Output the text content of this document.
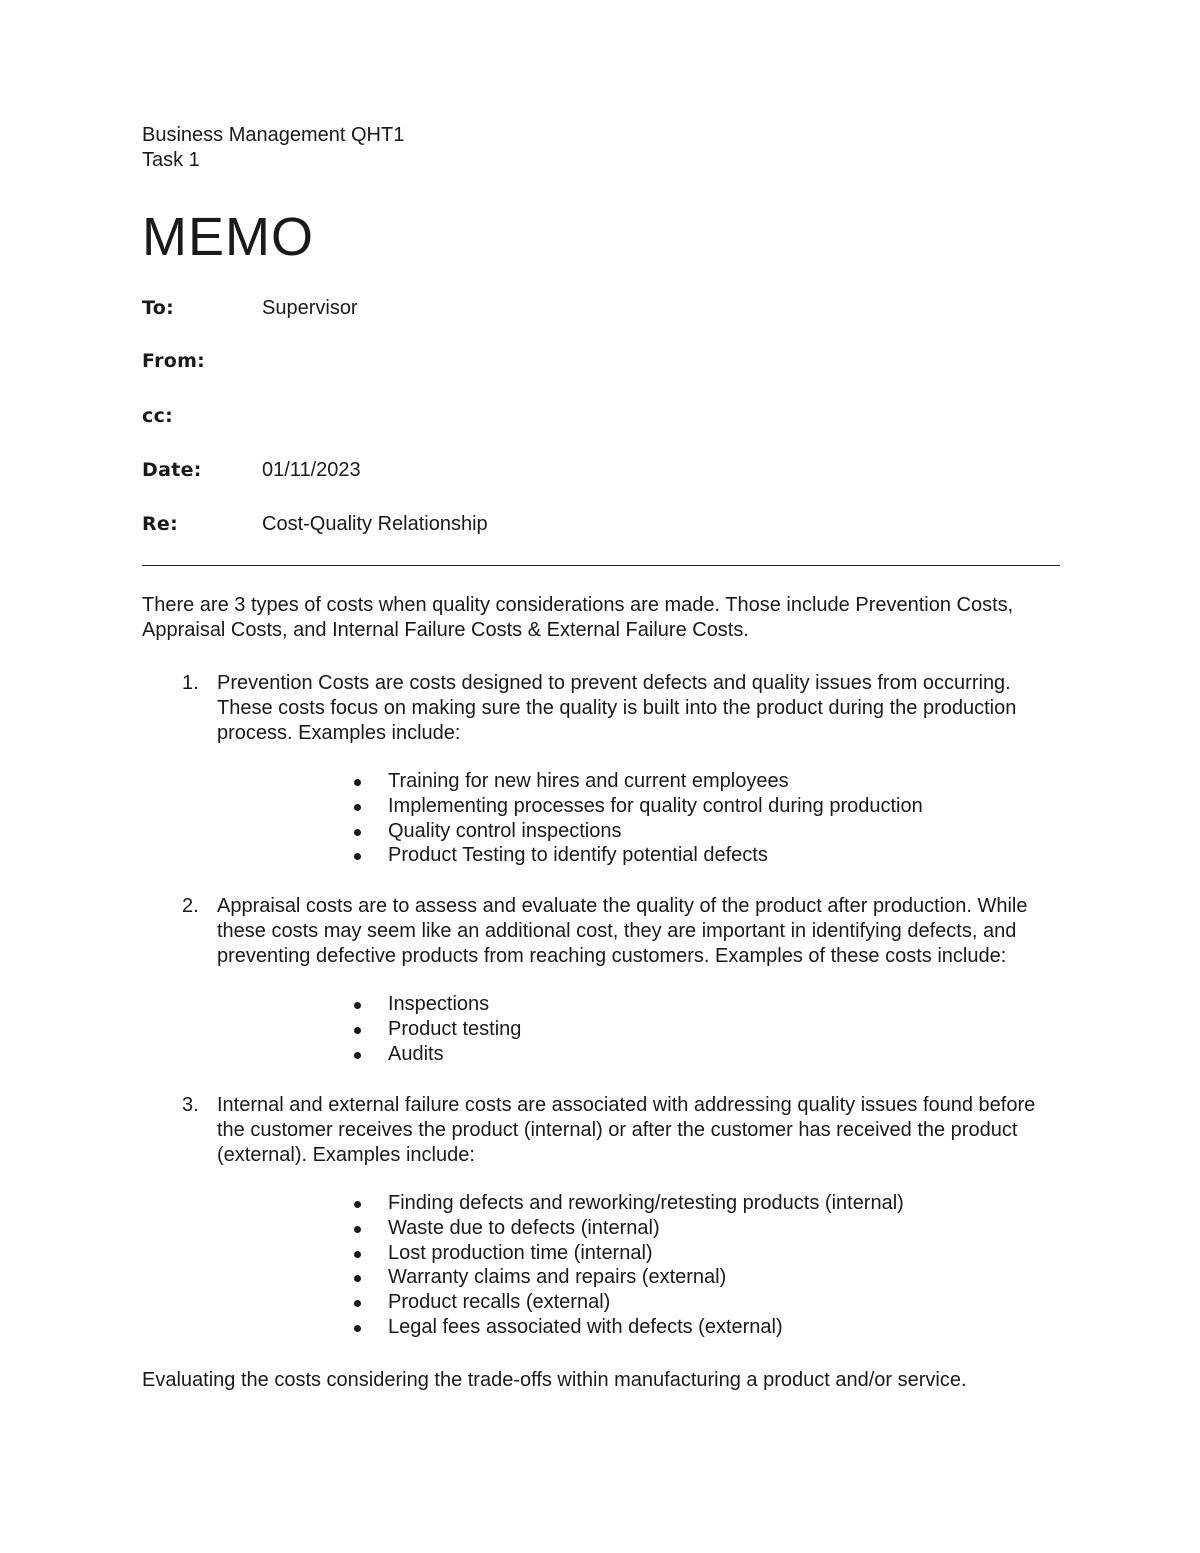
Business Management QHT1
Task 1
MEMO
To:	Supervisor
From:
cc:
Date:	01/11/2023
Re:	Cost-Quality Relationship
There are 3 types of costs when quality considerations are made. Those include Prevention Costs, Appraisal Costs, and Internal Failure Costs & External Failure Costs.
1. Prevention Costs are costs designed to prevent defects and quality issues from occurring. These costs focus on making sure the quality is built into the product during the production process. Examples include:
Training for new hires and current employees
Implementing processes for quality control during production
Quality control inspections
Product Testing to identify potential defects
2. Appraisal costs are to assess and evaluate the quality of the product after production. While these costs may seem like an additional cost, they are important in identifying defects, and preventing defective products from reaching customers. Examples of these costs include:
Inspections
Product testing
Audits
3. Internal and external failure costs are associated with addressing quality issues found before the customer receives the product (internal) or after the customer has received the product (external). Examples include:
Finding defects and reworking/retesting products (internal)
Waste due to defects (internal)
Lost production time (internal)
Warranty claims and repairs (external)
Product recalls (external)
Legal fees associated with defects (external)
Evaluating the costs considering the trade-offs within manufacturing a product and/or service.
